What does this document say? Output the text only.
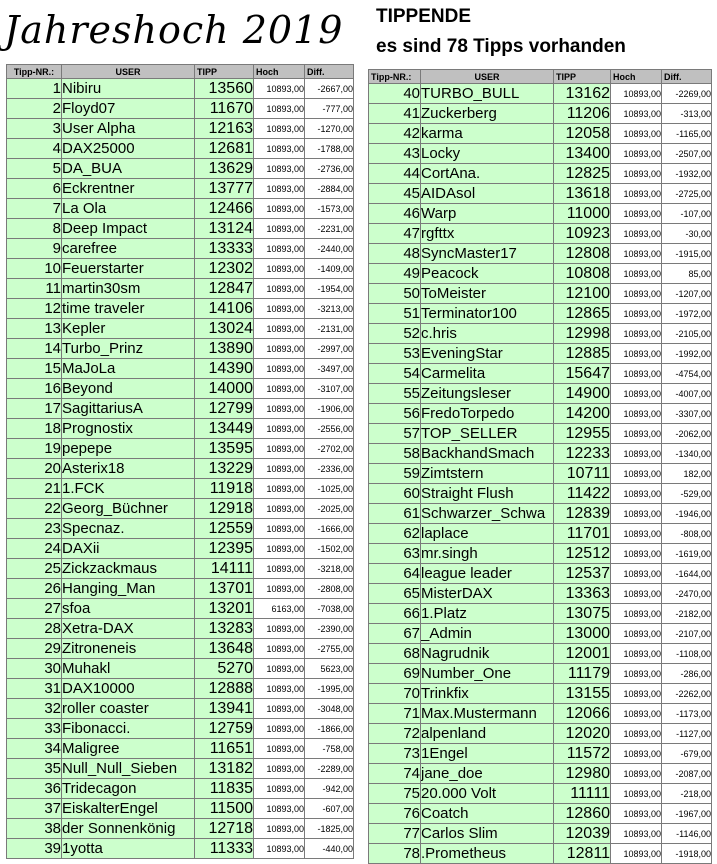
Jahreshoch 2019 TIPPENDE
es sind 78 Tipps vorhanden
Tipp-NR.:	USER	TIPP	Hoch	Diff.
1	Nibiru	13560	10893,00	-2667,00
2	Floyd07	11670	10893,00	-777,00
3	User Alpha	12163	10893,00	-1270,00
4	DAX25000	12681	10893,00	-1788,00
5	DA_BUA	13629	10893,00	-2736,00
6	Eckrentner	13777	10893,00	-2884,00
7	La Ola	12466	10893,00	-1573,00
8	Deep Impact	13124	10893,00	-2231,00
9	carefree	13333	10893,00	-2440,00
10	Feuerstarter	12302	10893,00	-1409,00
11	martin30sm	12847	10893,00	-1954,00
12	time traveler	14106	10893,00	-3213,00
13	Kepler	13024	10893,00	-2131,00
14	Turbo_Prinz	13890	10893,00	-2997,00
15	MaJoLa	14390	10893,00	-3497,00
16	Beyond	14000	10893,00	-3107,00
17	SagittariusA	12799	10893,00	-1906,00
18	Prognostix	13449	10893,00	-2556,00
19	pepepe	13595	10893,00	-2702,00
20	Asterix18	13229	10893,00	-2336,00
21	1.FCK	11918	10893,00	-1025,00
22	Georg_Büchner	12918	10893,00	-2025,00
23	Specnaz.	12559	10893,00	-1666,00
24	DAXii	12395	10893,00	-1502,00
25	Zickzackmaus	14111	10893,00	-3218,00
26	Hanging_Man	13701	10893,00	-2808,00
27	sfoa	13201	6163,00	-7038,00
28	Xetra-DAX	13283	10893,00	-2390,00
29	Zitroneneis	13648	10893,00	-2755,00
30	Muhakl	5270	10893,00	5623,00
31	DAX10000	12888	10893,00	-1995,00
32	roller coaster	13941	10893,00	-3048,00
33	Fibonacci.	12759	10893,00	-1866,00
34	Maligree	11651	10893,00	-758,00
35	Null_Null_Sieben	13182	10893,00	-2289,00
36	Tridecagon	11835	10893,00	-942,00
37	EiskalterEngel	11500	10893,00	-607,00
38	der Sonnenkönig	12718	10893,00	-1825,00
39	1yotta	11333	10893,00	-440,00
Tipp-NR.:	USER	TIPP	Hoch	Diff.
40	TURBO_BULL	13162	10893,00	-2269,00
41	Zuckerberg	11206	10893,00	-313,00
42	karma	12058	10893,00	-1165,00
43	Locky	13400	10893,00	-2507,00
44	CortAna.	12825	10893,00	-1932,00
45	AIDAsol	13618	10893,00	-2725,00
46	Warp	11000	10893,00	-107,00
47	rgfttx	10923	10893,00	-30,00
48	SyncMaster17	12808	10893,00	-1915,00
49	Peacock	10808	10893,00	85,00
50	ToMeister	12100	10893,00	-1207,00
51	Terminator100	12865	10893,00	-1972,00
52	c.hris	12998	10893,00	-2105,00
53	EveningStar	12885	10893,00	-1992,00
54	Carmelita	15647	10893,00	-4754,00
55	Zeitungsleser	14900	10893,00	-4007,00
56	FredoTorpedo	14200	10893,00	-3307,00
57	TOP_SELLER	12955	10893,00	-2062,00
58	BackhandSmach	12233	10893,00	-1340,00
59	Zimtstern	10711	10893,00	182,00
60	Straight Flush	11422	10893,00	-529,00
61	Schwarzer_Schwa	12839	10893,00	-1946,00
62	laplace	11701	10893,00	-808,00
63	mr.singh	12512	10893,00	-1619,00
64	league leader	12537	10893,00	-1644,00
65	MisterDAX	13363	10893,00	-2470,00
66	1.Platz	13075	10893,00	-2182,00
67	_Admin	13000	10893,00	-2107,00
68	Nagrudnik	12001	10893,00	-1108,00
69	Number_One	11179	10893,00	-286,00
70	Trinkfix	13155	10893,00	-2262,00
71	Max.Mustermann	12066	10893,00	-1173,00
72	alpenland	12020	10893,00	-1127,00
73	1Engel	11572	10893,00	-679,00
74	jane_doe	12980	10893,00	-2087,00
75	20.000 Volt	11111	10893,00	-218,00
76	Coatch	12860	10893,00	-1967,00
77	Carlos Slim	12039	10893,00	-1146,00
78	.Prometheus	12811	10893,00	-1918,00
